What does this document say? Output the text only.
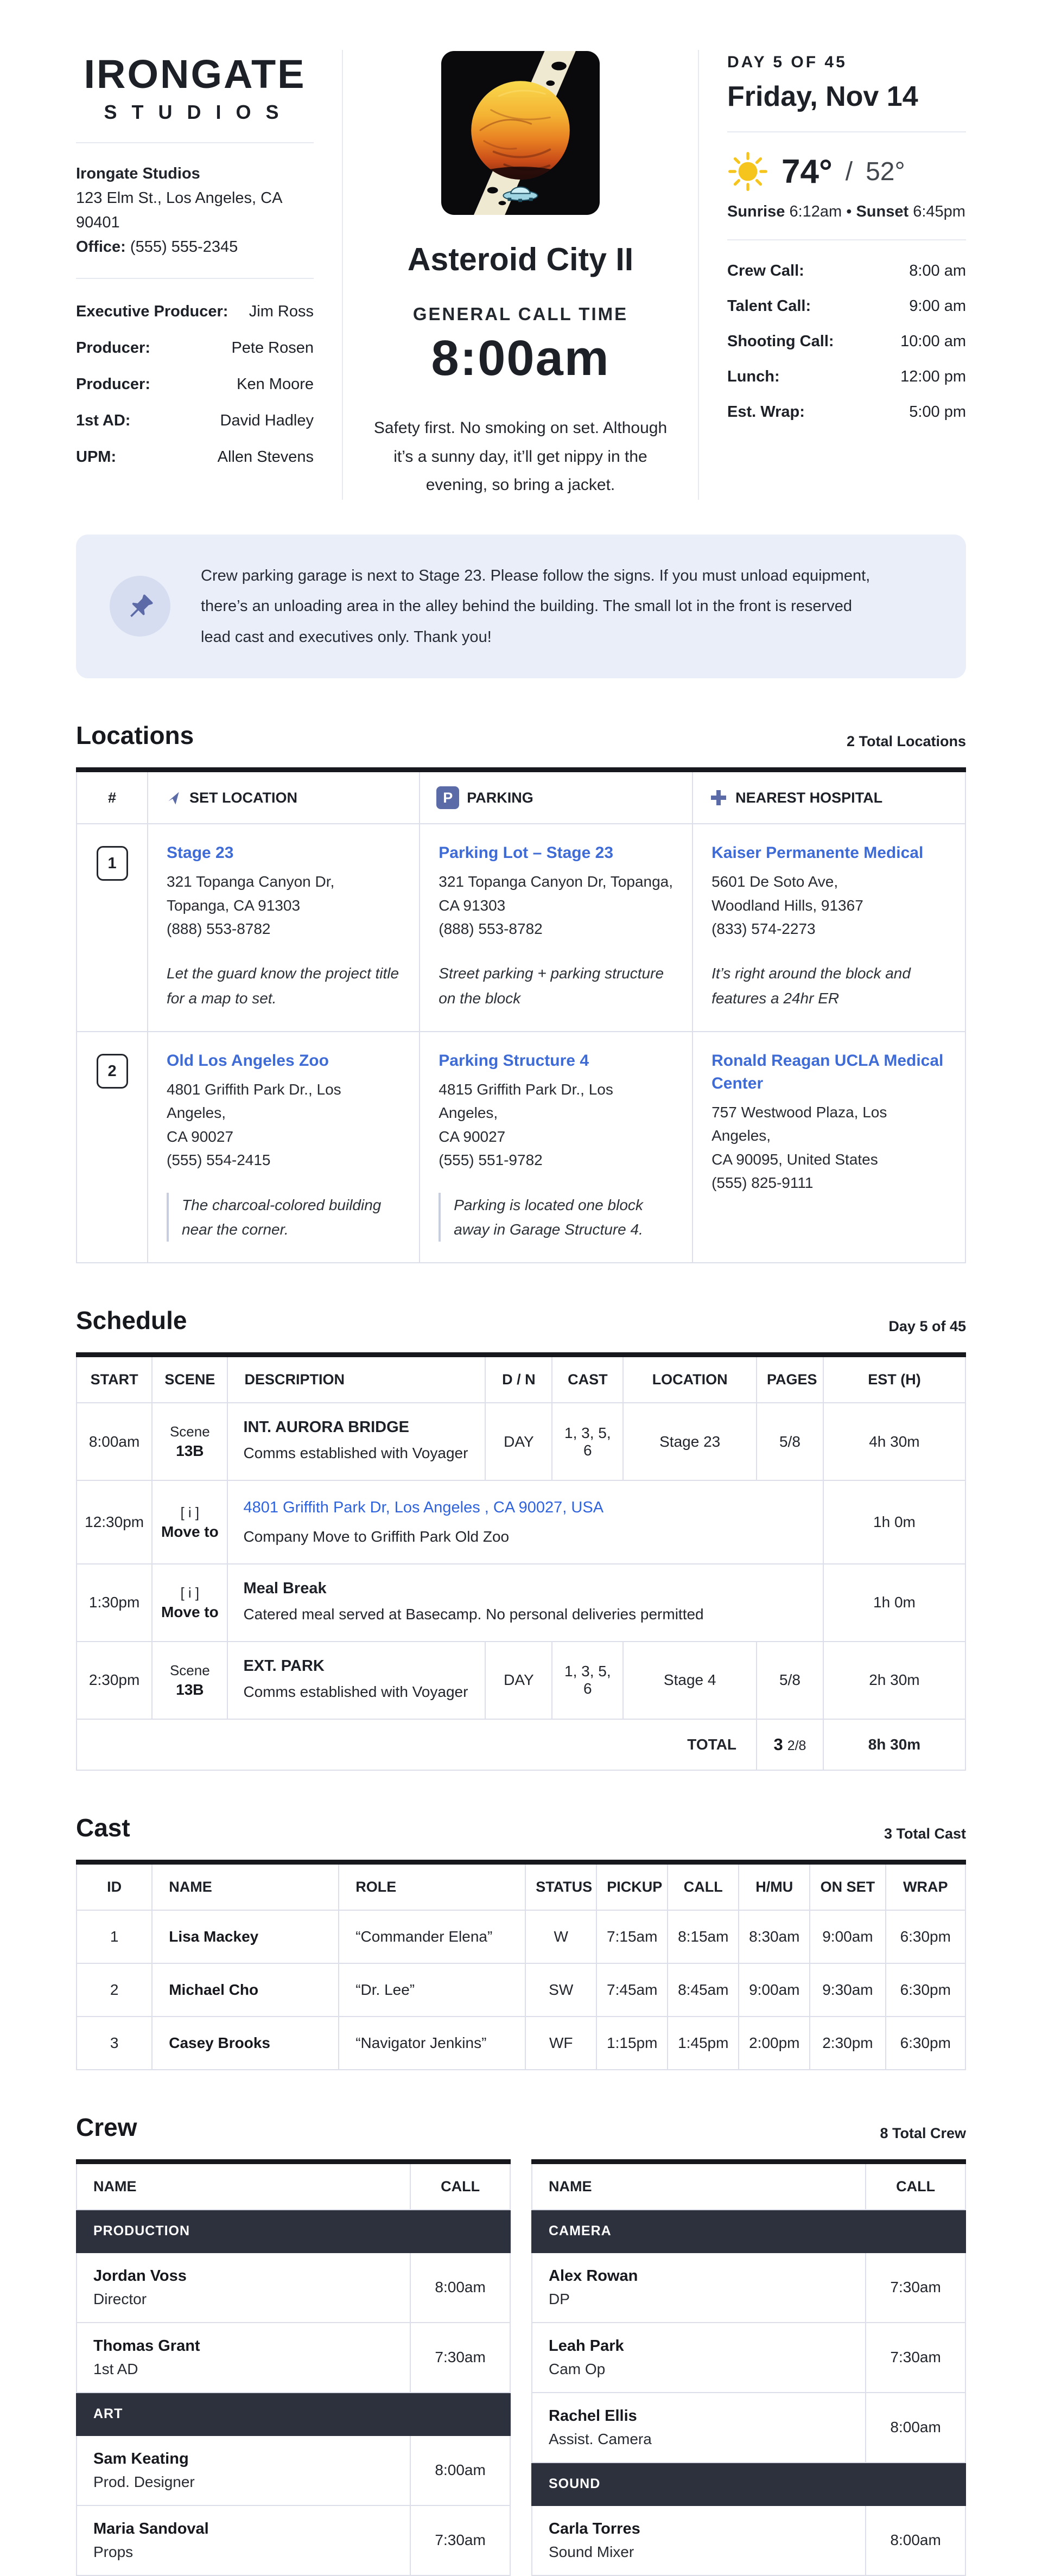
IRONGATE
STUDIOS
Irongate Studios
123 Elm St., Los Angeles, CA 90401
Office: (555) 555-2345
Executive Producer: Jim Ross
Producer:	Pete Rosen
Producer:	Ken Moore
1st AD:	David Hadley
UPM:	Allen Stevens
Asteroid City II
GENERAL CALL TIME
8:00am
Safety first. No smoking on set. Although it’s a sunny day, it’ll get nippy in the evening, so bring a jacket.
DAY 5 OF 45
Friday, Nov 14
74° / 52°
Sunrise 6:12am • Sunset 6:45pm
Crew Call:	8:00 am
Talent Call:	9:00 am
Shooting Call:	10:00 am
Lunch:	12:00 pm
Est. Wrap:	5:00 pm
Crew parking garage is next to Stage 23. Please follow the signs. If you must unload equipment, there’s an unloading area in the alley behind the building. The small lot in the front is reserved lead cast and executives only. Thank you!
Locations	2 Total Locations
#	SET LOCATION	P PARKING	NEAREST HOSPITAL

1	Stage 23
321 Topanga Canyon Dr,
Topanga, CA 91303
(888) 553-8782
Let the guard know the project title for a map to set.
	Parking Lot – Stage 23
321 Topanga Canyon Dr, Topanga,
CA 91303
(888) 553-8782
Street parking + parking structure on the block
	Kaiser Permanente Medical
5601 De Soto Ave,
Woodland Hills, 91367
(833) 574-2273
It’s right around the block and features a 24hr ER

2	Old Los Angeles Zoo
4801 Griffith Park Dr., Los Angeles,
CA 90027
(555) 554-2415
The charcoal-colored building near the corner.
	Parking Structure 4
4815 Griffith Park Dr., Los Angeles,
CA 90027
(555) 551-9782
Parking is located one block away in Garage Structure 4.
	Ronald Reagan UCLA Medical Center
757 Westwood Plaza, Los Angeles,
CA 90095, United States
(555) 825-9111
Schedule	Day 5 of 45
START	SCENE	DESCRIPTION	D / N	CAST	LOCATION	PAGES	EST (H)
8:00am	
Scene
13B

INT. AURORA BRIDGE
Comms established with Voyager
	DAY	1, 3, 5, 6	Stage 23	5/8	4h 30m
12:30pm	
[ i ]
Move to
	4801 Griffith Park Dr, Los Angeles , CA 90027, USA
Company Move to Griffith Park Old Zoo
	1h 0m
1:30pm	
[ i ]
Move to

Meal Break
Catered meal served at Basecamp. No personal deliveries permitted
	1h 0m
2:30pm	
Scene
13B

EXT. PARK
Comms established with Voyager
	DAY	1, 3, 5, 6	Stage 4	5/8	2h 30m
TOTAL						3 2/8	8h 30m
Cast	3 Total Cast
ID	NAME	ROLE	STATUS	PICKUP	CALL	H/MU	ON SET	WRAP
1	Lisa Mackey	“Commander Elena”	W	7:15am	8:15am	8:30am	9:00am	6:30pm
2	Michael Cho	“Dr. Lee”	SW	7:45am	8:45am	9:00am	9:30am	6:30pm
3	Casey Brooks	“Navigator Jenkins”	WF	1:15pm	1:45pm	2:00pm	2:30pm	6:30pm
Crew	8 Total Crew
NAME	CALL
PRODUCTION	

Jordan Voss
Director	8:00am

Thomas Grant
1st AD	7:30am
ART	

Sam Keating
Prod. Designer	8:00am

Maria Sandoval
Props	7:30am
NAME	CALL
CAMERA	

Alex Rowan
DP	7:30am

Leah Park
Cam Op	7:30am

Rachel Ellis
Assist. Camera	8:00am
SOUND	

Carla Torres
Sound Mixer	8:00am
